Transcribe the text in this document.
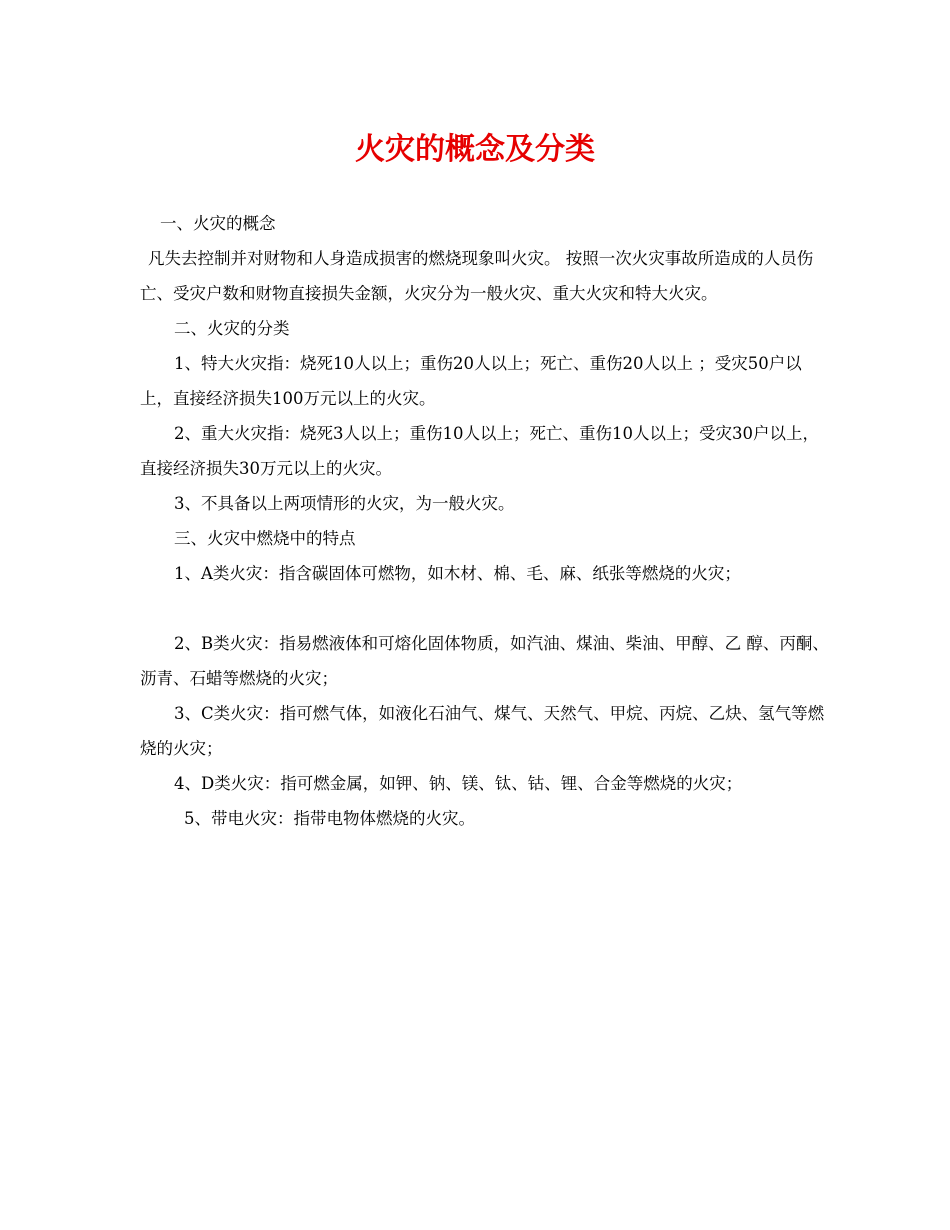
火灾的概念及分类

一、火灾的概念

凡失去控制并对财物和人身造成损害的燃烧现象叫火灾。 按照一次火灾事故所造成的人员伤亡、受灾户数和财物直接损失金额，火灾分为一般火灾、重大火灾和特大火灾。

二、火灾的分类

1、特大火灾指：烧死10人以上；重伤20人以上；死亡、重伤20人以上 ；受灾50户以上，直接经济损失100万元以上的火灾。

2、重大火灾指：烧死3人以上；重伤10人以上；死亡、重伤10人以上；受灾30户以上，直接经济损失30万元以上的火灾。

3、不具备以上两项情形的火灾，为一般火灾。

三、火灾中燃烧中的特点

1、A类火灾：指含碳固体可燃物，如木材、棉、毛、麻、纸张等燃烧的火灾；

2、B类火灾：指易燃液体和可熔化固体物质，如汽油、煤油、柴油、甲醇、乙 醇、丙酮、沥青、石蜡等燃烧的火灾；

3、C类火灾：指可燃气体，如液化石油气、煤气、天然气、甲烷、丙烷、乙炔、氢气等燃烧的火灾；

4、D类火灾：指可燃金属，如钾、钠、镁、钛、钴、锂、合金等燃烧的火灾；

5、带电火灾：指带电物体燃烧的火灾。
